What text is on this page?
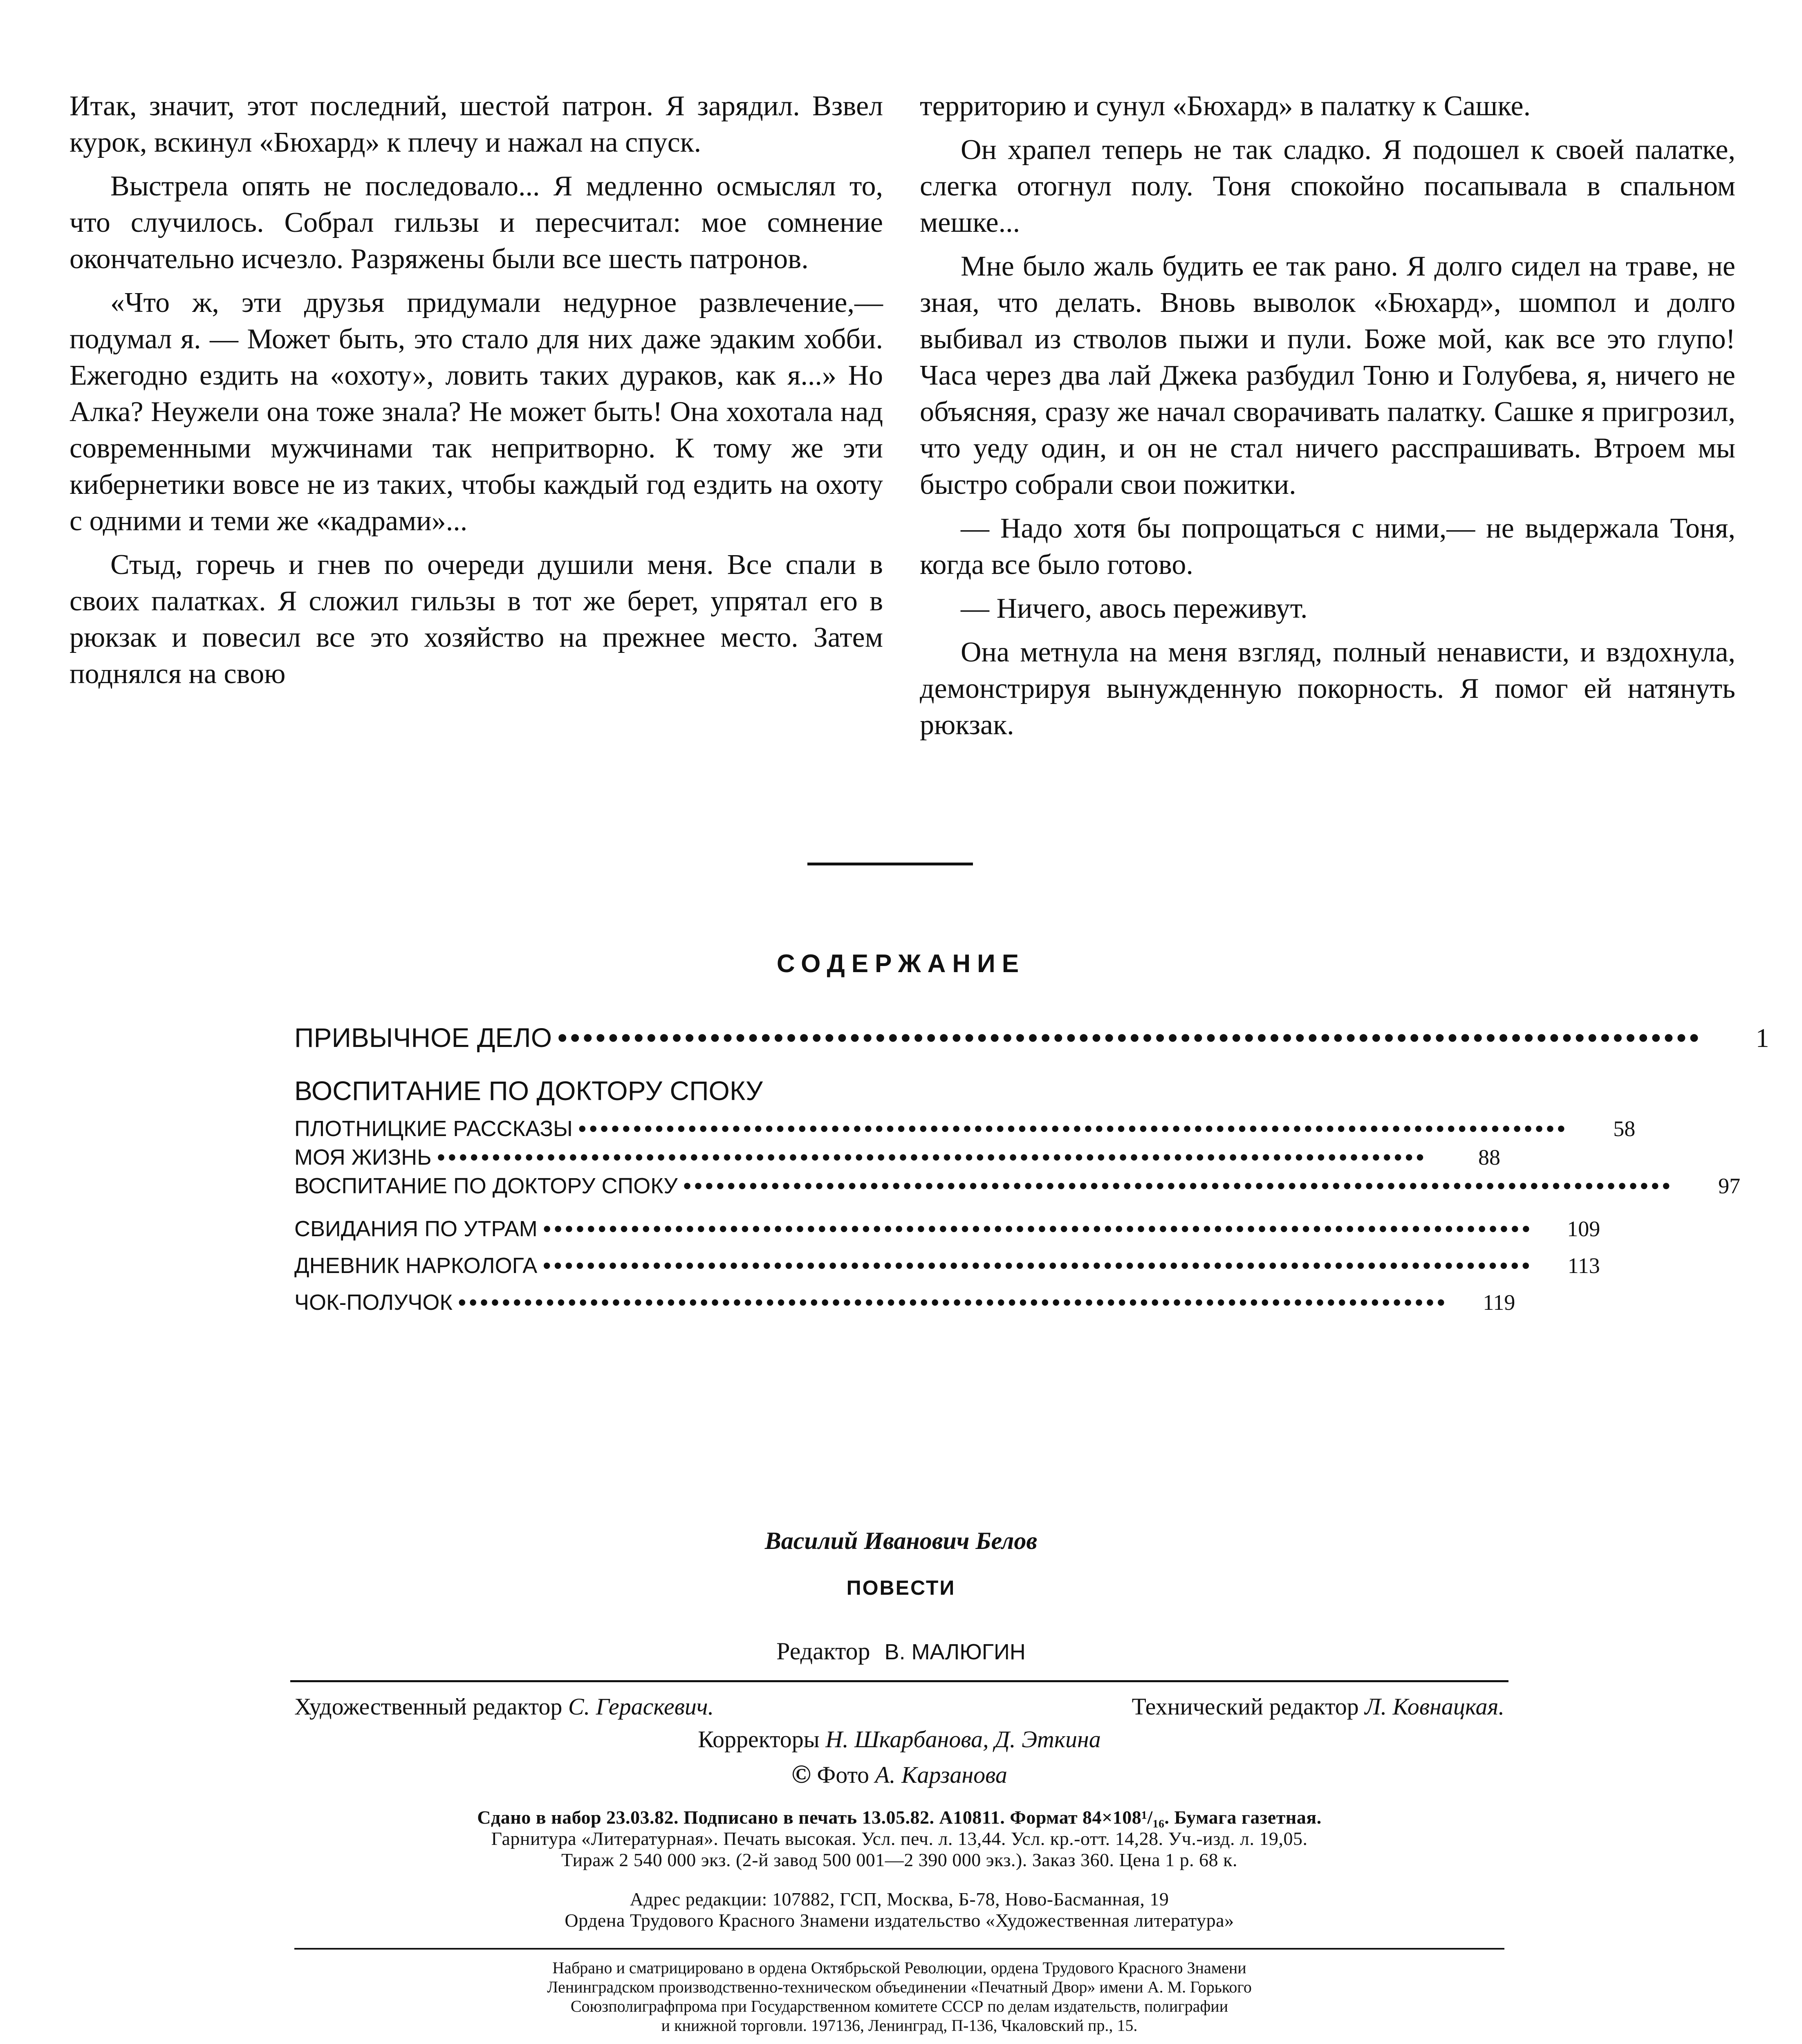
Итак, значит, этот последний, шестой патрон. Я зарядил. Взвел курок, вскинул «Бюхард» к плечу и нажал на спуск.

Выстрела опять не последовало... Я медленно осмыслял то, что случилось. Собрал гильзы и пересчитал: мое сомнение окончательно исчезло. Разряжены были все шесть патронов.

«Что ж, эти друзья придумали недурное развлечение,— подумал я. — Может быть, это стало для них даже эдаким хобби. Ежегодно ездить на «охоту», ловить таких дураков, как я...» Но Алка? Неужели она тоже знала? Не может быть! Она хохотала над современными мужчинами так непритворно. К тому же эти кибернетики вовсе не из таких, чтобы каждый год ездить на охоту с одними и теми же «кадрами»...

Стыд, горечь и гнев по очереди душили меня. Все спали в своих палатках. Я сложил гильзы в тот же берет, упрятал его в рюкзак и повесил все это хозяйство на прежнее место. Затем поднялся на свою

территорию и сунул «Бюхард» в палатку к Сашке.

Он храпел теперь не так сладко. Я подошел к своей палатке, слегка отогнул полу. Тоня спокойно посапывала в спальном мешке...

Мне было жаль будить ее так рано. Я долго сидел на траве, не зная, что делать. Вновь выволок «Бюхард», шомпол и долго выбивал из стволов пыжи и пули. Боже мой, как все это глупо! Часа через два лай Джека разбудил Тоню и Голубева, я, ничего не объясняя, сразу же начал сворачивать палатку. Сашке я пригрозил, что уеду один, и он не стал ничего расспрашивать. Втроем мы быстро собрали свои пожитки.

— Надо хотя бы попрощаться с ними,— не выдержала Тоня, когда все было готово.

— Ничего, авось переживут.

Она метнула на меня взгляд, полный ненависти, и вздохнула, демонстрируя вынужденную покорность. Я помог ей натянуть рюкзак.

СОДЕРЖАНИЕ
ПРИВЫЧНОЕ ДЕЛО ••••••••••••••••••••••••••••••••••••••••••••••••••••••••••••••••••••••••••••••••••••••••••	1
ВОСПИТАНИЕ ПО ДОКТОРУ СПОКУ
ПЛОТНИЦКИЕ РАССКАЗЫ ••••••••••••••••••••••••••••••••••••••••••••••••••••••••••••••••••••••••••••••••••••••••••	58
МОЯ ЖИЗНЬ ••••••••••••••••••••••••••••••••••••••••••••••••••••••••••••••••••••••••••••••••••••••••••	88
ВОСПИТАНИЕ ПО ДОКТОРУ СПОКУ ••••••••••••••••••••••••••••••••••••••••••••••••••••••••••••••••••••••••••••••••••••••••••	97
СВИДАНИЯ ПО УТРАМ ••••••••••••••••••••••••••••••••••••••••••••••••••••••••••••••••••••••••••••••••••••••••••	109
ДНЕВНИК НАРКОЛОГА ••••••••••••••••••••••••••••••••••••••••••••••••••••••••••••••••••••••••••••••••••••••••••	113
ЧОК-ПОЛУЧОК ••••••••••••••••••••••••••••••••••••••••••••••••••••••••••••••••••••••••••••••••••••••••••	119
Василий Иванович Белов
ПОВЕСТИ
Редактор В. МАЛЮГИН
Художественный редактор С. Гераскевич.	Технический редактор Л. Ковнацкая.
Корректоры Н. Шкарбанова, Д. Эткина
© Фото А. Карзанова
Сдано в набор 23.03.82. Подписано в печать 13.05.82. А10811. Формат 84×108¹/₁₆. Бумага газетная.
Гарнитура «Литературная». Печать высокая. Усл. печ. л. 13,44. Усл. кр.-отт. 14,28. Уч.-изд. л. 19,05.
Тираж 2 540 000 экз. (2-й завод 500 001—2 390 000 экз.). Заказ 360. Цена 1 р. 68 к.
Адрес редакции: 107882, ГСП, Москва, Б-78, Ново-Басманная, 19
Ордена Трудового Красного Знамени издательство «Художественная литература»
Набрано и сматрицировано в ордена Октябрьской Революции, ордена Трудового Красного Знамени
Ленинградском производственно-техническом объединении «Печатный Двор» имени А. М. Горького
Союзполиграфпрома при Государственном комитете СССР по делам издательств, полиграфии
и книжной торговли. 197136, Ленинград, П-136, Чкаловский пр., 15.
